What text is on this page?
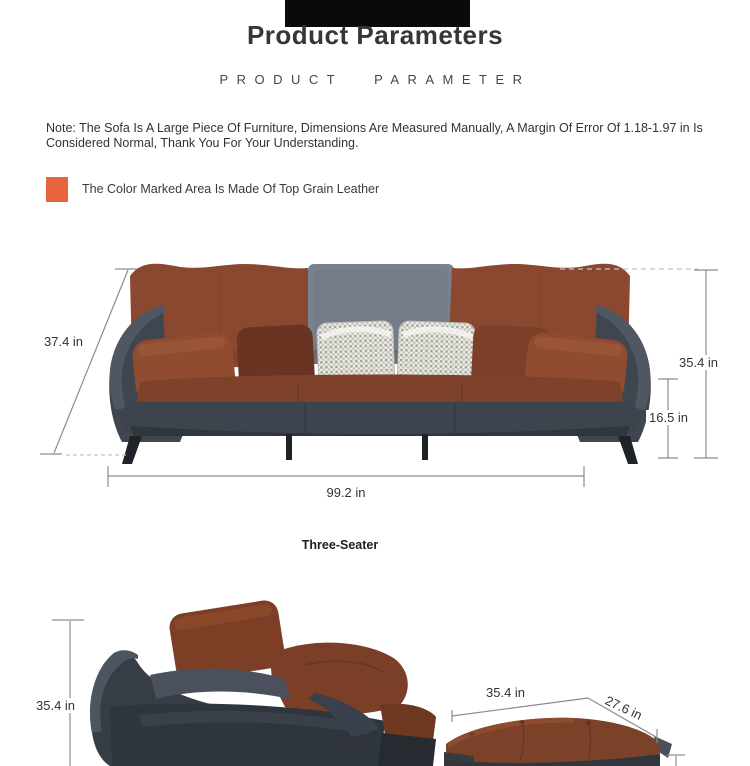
Product Parameters
PRODUCT PARAMETER
Note: The Sofa Is A Large Piece Of Furniture, Dimensions Are Measured Manually, A Margin Of Error Of 1.18-1.97 in Is
Considered Normal, Thank You For Your Understanding.
The Color Marked Area Is Made Of Top Grain Leather
37.4 in
35.4 in
16.5 in
99.2 in
Three-Seater
35.4 in
43.3 in
35.4 in
27.6 in
